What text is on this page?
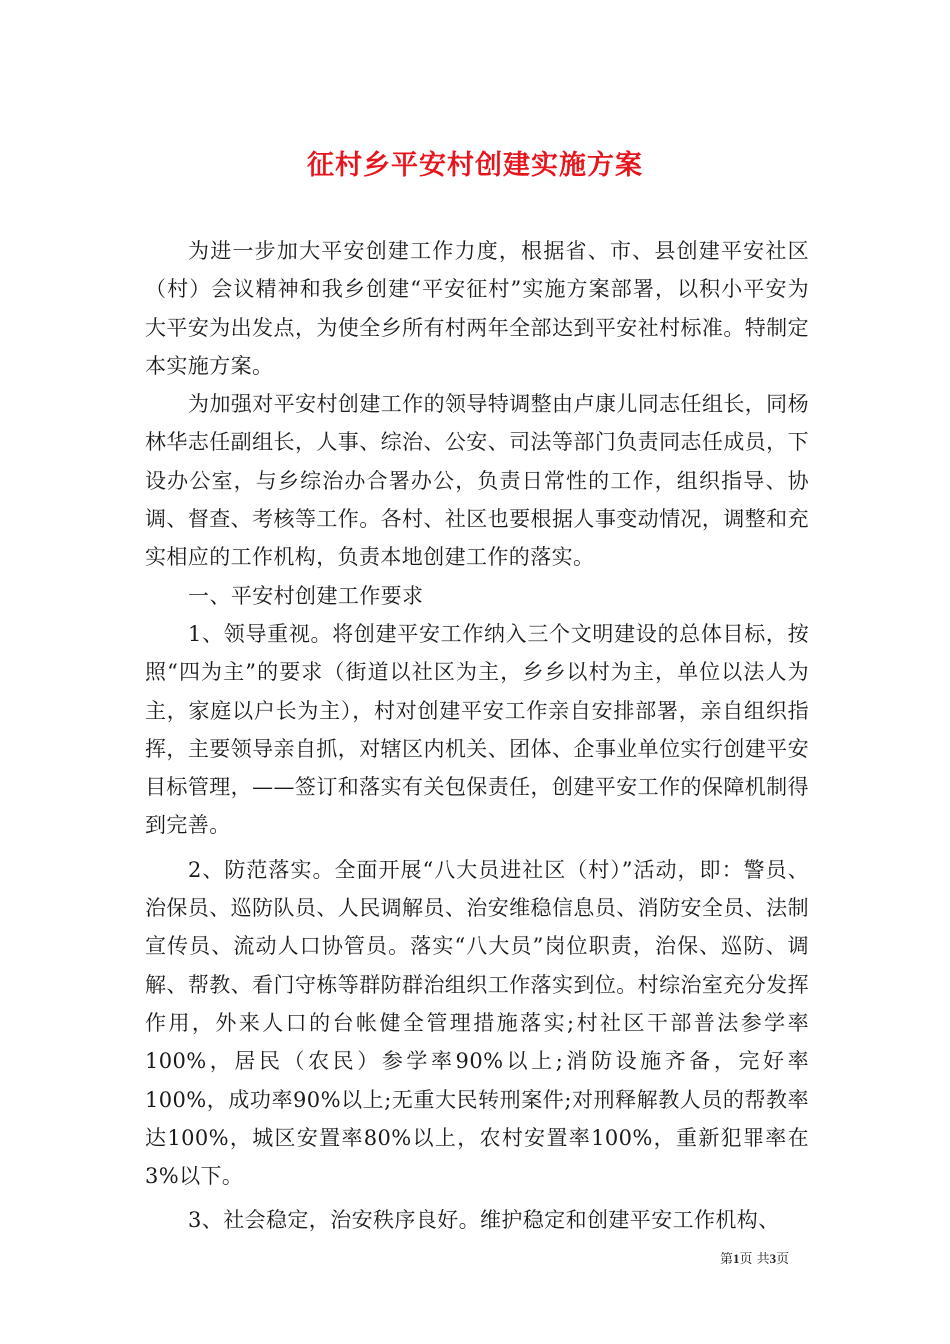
征村乡平安村创建实施方案

为进一步加大平安创建工作力度，根据省、市、县创建平安社区（村）会议精神和我乡创建“平安征村”实施方案部署，以积小平安为大平安为出发点，为使全乡所有村两年全部达到平安社村标准。特制定本实施方案。

为加强对平安村创建工作的领导特调整由卢康儿同志任组长，同杨林华志任副组长，人事、综治、公安、司法等部门负责同志任成员，下设办公室，与乡综治办合署办公，负责日常性的工作，组织指导、协调、督查、考核等工作。各村、社区也要根据人事变动情况，调整和充实相应的工作机构，负责本地创建工作的落实。

一、平安村创建工作要求

1、领导重视。将创建平安工作纳入三个文明建设的总体目标，按照“四为主”的要求（街道以社区为主，乡乡以村为主，单位以法人为主，家庭以户长为主），村对创建平安工作亲自安排部署，亲自组织指挥，主要领导亲自抓，对辖区内机关、团体、企事业单位实行创建平安目标管理，——签订和落实有关包保责任，创建平安工作的保障机制得到完善。

2、防范落实。全面开展“八大员进社区（村）”活动，即：警员、治保员、巡防队员、人民调解员、治安维稳信息员、消防安全员、法制宣传员、流动人口协管员。落实“八大员”岗位职责，治保、巡防、调解、帮教、看门守栋等群防群治组织工作落实到位。村综治室充分发挥作用，外来人口的台帐健全管理措施落实;村社区干部普法参学率100%，居民（农民）参学率90%以上;消防设施齐备，完好率100%，成功率90%以上;无重大民转刑案件;对刑释解教人员的帮教率达100%，城区安置率80%以上，农村安置率100%，重新犯罪率在3%以下。

3、社会稳定，治安秩序良好。维护稳定和创建平安工作机构、

第1页 共3页
